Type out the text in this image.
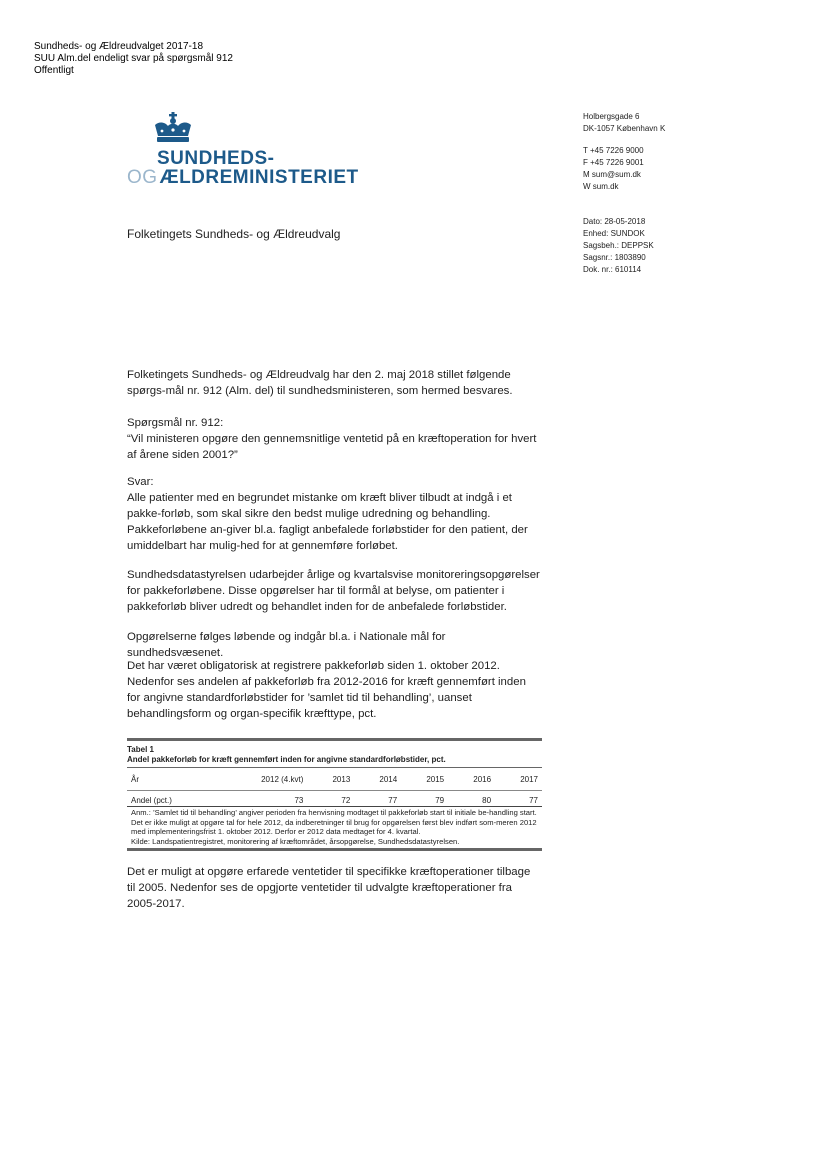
Sundheds- og Ældreudvalget 2017-18
SUU Alm.del endeligt svar på spørgsmål 912
Offentligt
SUNDHEDS-
OG ÆLDREMINISTERIET
Holbergsgade 6
DK-1057 København K
T +45 7226 9000
F +45 7226 9001
M sum@sum.dk
W sum.dk
Dato: 28-05-2018
Enhed: SUNDOK
Sagsbeh.: DEPPSK
Sagsnr.: 1803890
Dok. nr.: 610114
Folketingets Sundheds- og Ældreudvalg

Folketingets Sundheds- og Ældreudvalg har den 2. maj 2018 stillet følgende spørgs-mål nr. 912 (Alm. del) til sundhedsministeren, som hermed besvares.

Spørgsmål nr. 912:

“Vil ministeren opgøre den gennemsnitlige ventetid på en kræftoperation for hvert af årene siden 2001?”

Svar:

Alle patienter med en begrundet mistanke om kræft bliver tilbudt at indgå i et pakke-forløb, som skal sikre den bedst mulige udredning og behandling. Pakkeforløbene an-giver bl.a. fagligt anbefalede forløbstider for den patient, der umiddelbart har mulig-hed for at gennemføre forløbet.

Sundhedsdatastyrelsen udarbejder årlige og kvartalsvise monitoreringsopgørelser for pakkeforløbene. Disse opgørelser har til formål at belyse, om patienter i pakkeforløb bliver udredt og behandlet inden for de anbefalede forløbstider.

Opgørelserne følges løbende og indgår bl.a. i Nationale mål for sundhedsvæsenet.

Det har været obligatorisk at registrere pakkeforløb siden 1. oktober 2012. Nedenfor ses andelen af pakkeforløb fra 2012-2016 for kræft gennemført inden for angivne standardforløbstider for ’samlet tid til behandling’, uanset behandlingsform og organ-specifik kræfttype, pct.

Tabel 1
Andel pakkeforløb for kræft gennemført inden for angivne standardforløbstider, pct.
År	2012 (4.kvt)	2013	2014	2015	2016	2017
Andel (pct.)	73	72	77	79	80	77
Anm.: ’Samlet tid til behandling’ angiver perioden fra henvisning modtaget til pakkeforløb start til initiale be-handling start.
Det er ikke muligt at opgøre tal for hele 2012, da indberetninger til brug for opgørelsen først blev indført som-meren 2012 med implementeringsfrist 1. oktober 2012. Derfor er 2012 data medtaget for 4. kvartal.
Kilde: Landspatientregistret, monitorering af kræftområdet, årsopgørelse, Sundhedsdatastyrelsen.

Det er muligt at opgøre erfarede ventetider til specifikke kræftoperationer tilbage til 2005. Nedenfor ses de opgjorte ventetider til udvalgte kræftoperationer fra 2005-2017.
